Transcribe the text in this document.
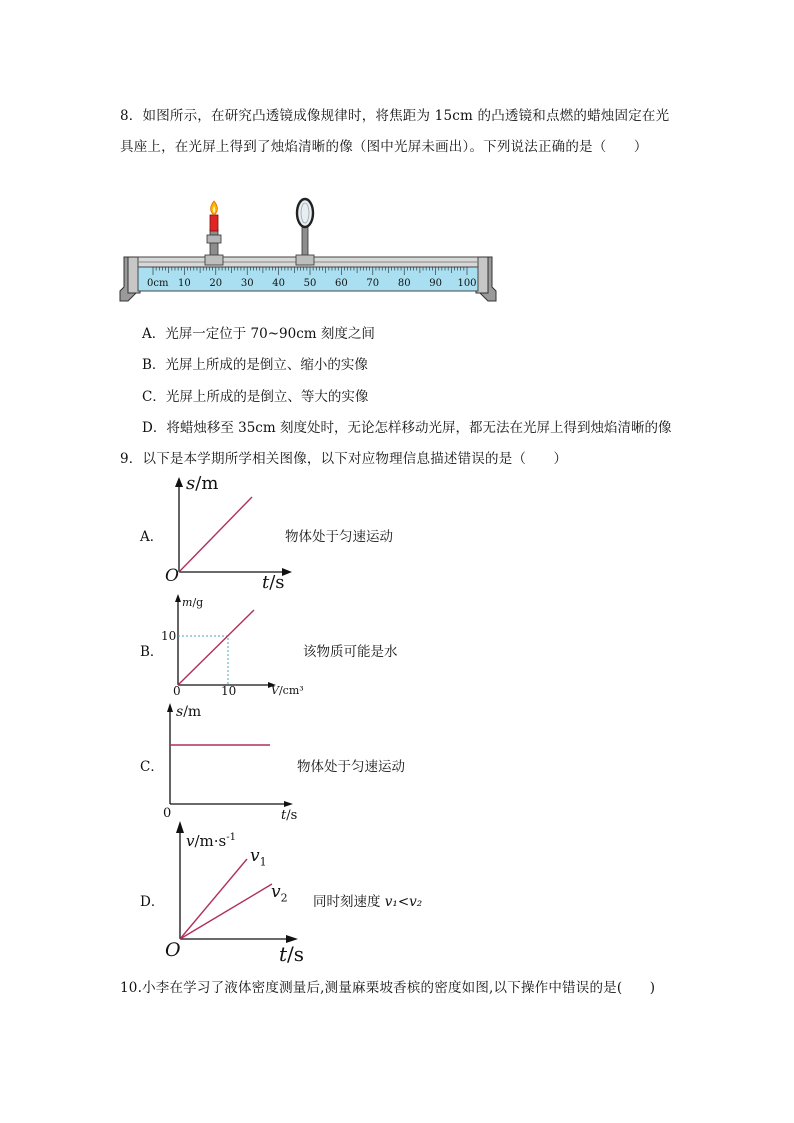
8．如图所示，在研究凸透镜成像规律时，将焦距为 15cm 的凸透镜和点燃的蜡烛固定在光
具座上，在光屏上得到了烛焰清晰的像（图中光屏未画出）。下列说法正确的是（　　）
0cm 10 20 30 40 50 60 70 80 90 100
A．光屏一定位于 70~90cm 刻度之间
B．光屏上所成的是倒立、缩小的实像
C．光屏上所成的是倒立、等大的实像
D．将蜡烛移至 35cm 刻度处时，无论怎样移动光屏，都无法在光屏上得到烛焰清晰的像
9．以下是本学期所学相关图像，以下对应物理信息描述错误的是（　　）
A．
s/m
O	t/s
物体处于匀速运动
B．
m/g
10
0	10	V/cm³
该物质可能是水
C．
s/m
0	t/s
物体处于匀速运动
D．
$v/m\cdot s^{-1}$
$v_1$
$v_2$
O	t/s
同时刻速度 v₁<v₂
10.小李在学习了液体密度测量后,测量麻栗坡香槟的密度如图,以下操作中错误的是(　　)
